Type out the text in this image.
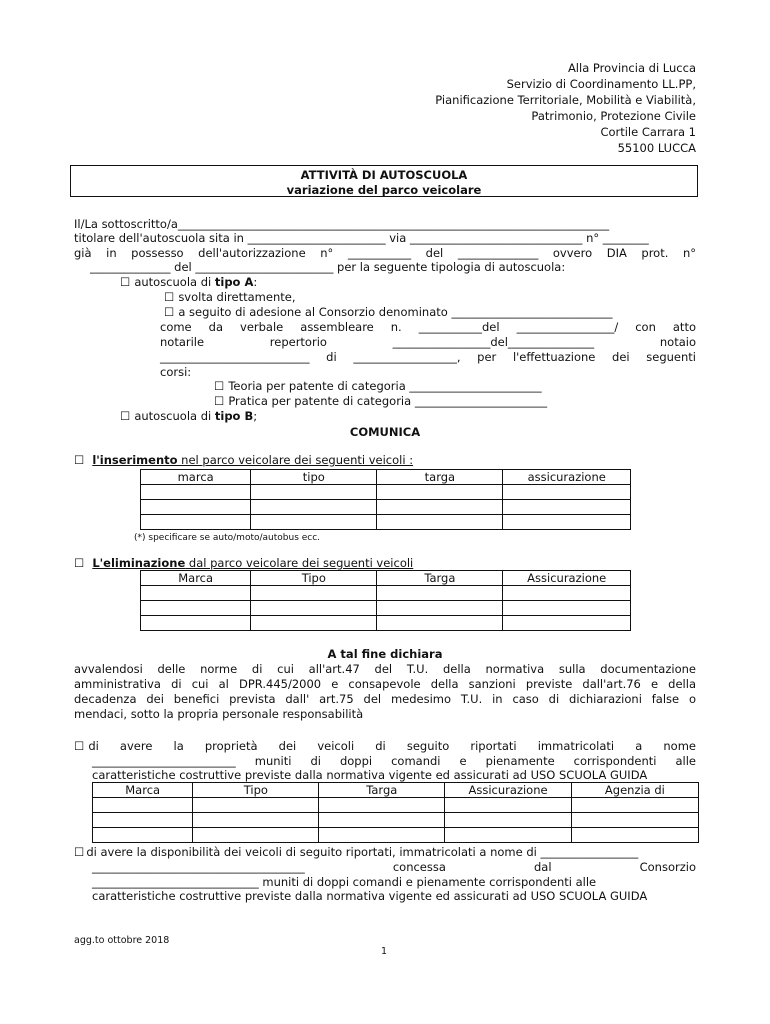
Alla Provincia di Lucca
Servizio di Coordinamento LL.PP,
Pianificazione Territoriale, Mobilità e Viabilità,
Patrimonio, Protezione Civile
Cortile Carrara 1
55100 LUCCA
ATTIVITÀ DI AUTOSCUOLA
variazione del parco veicolare
Il/La sottoscritto/a___________________________________________________________________________
titolare dell'autoscuola sita in ________________________ via ______________________________ n° ________
già in possesso dell'autorizzazione n° ___________ del ______________ ovvero DIA prot. n°
______________ del ________________________ per la seguente tipologia di autoscuola:
☐ autoscuola di tipo A:
☐ svolta direttamente,
☐ a seguito di adesione al Consorzio denominato ____________________________
come da verbale assembleare n. ___________del _________________/ con atto
notarile repertorio _________________del_______________ notaio
__________________________ di __________________, per l'effettuazione dei seguenti
corsi:
☐ Teoria per patente di categoria _______________________
☐ Pratica per patente di categoria _______________________
☐ autoscuola di tipo B;
COMUNICA
☐ l'inserimento nel parco veicolare dei seguenti veicoli :
marca	tipo	targa	assicurazione

(*) specificare se auto/moto/autobus ecc.
☐ L'eliminazione dal parco veicolare dei seguenti veicoli
Marca	Tipo	Targa	Assicurazione

A tal fine dichiara
avvalendosi delle norme di cui all'art.47 del T.U. della normativa sulla documentazione
amministrativa di cui al DPR.445/2000 e consapevole della sanzioni previste dall'art.76 e della
decadenza dei benefici prevista dall' art.75 del medesimo T.U. in caso di dichiarazioni false o
mendaci, sotto la propria personale responsabilità
☐ di avere la proprietà dei veicoli di seguito riportati immatricolati a nome
_________________________ muniti di doppi comandi e pienamente corrispondenti alle
caratteristiche costruttive previste dalla normativa vigente ed assicurati ad USO SCUOLA GUIDA
Marca	Tipo	Targa	Assicurazione	Agenzia di

☐ di avere la disponibilità dei veicoli di seguito riportati, immatricolati a nome di _________________
_____________________________________ concessa dal Consorzio
_____________________________ muniti di doppi comandi e pienamente corrispondenti alle
caratteristiche costruttive previste dalla normativa vigente ed assicurati ad USO SCUOLA GUIDA
agg.to ottobre 2018
1
